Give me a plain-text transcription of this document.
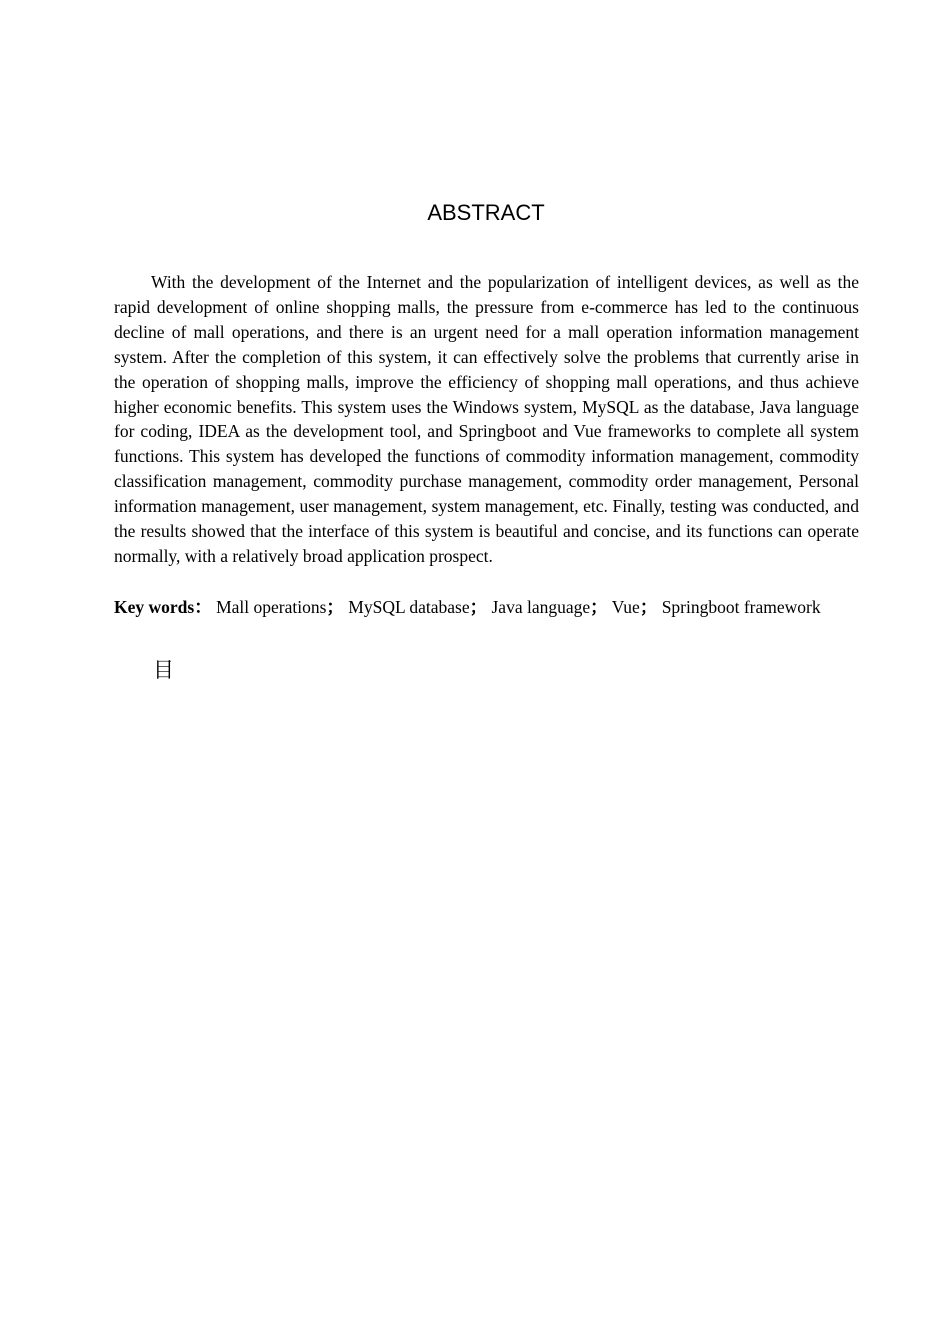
ABSTRACT

With the development of the Internet and the popularization of intelligent devices, as well as the rapid development of online shopping malls, the pressure from e-commerce has led to the continuous decline of mall operations, and there is an urgent need for a mall operation information management system. After the completion of this system, it can effectively solve the problems that currently arise in the operation of shopping malls, improve the efficiency of shopping mall operations, and thus achieve higher economic benefits. This system uses the Windows system, MySQL as the database, Java language for coding, IDEA as the development tool, and Springboot and Vue frameworks to complete all system functions. This system has developed the functions of commodity information management, commodity classification management, commodity purchase management, commodity order management, Personal information management, user management, system management, etc. Finally, testing was conducted, and the results showed that the interface of this system is beautiful and concise, and its functions can operate normally, with a relatively broad application prospect.

Key words： Mall operations； MySQL database； Java language； Vue； Springboot framework

目
